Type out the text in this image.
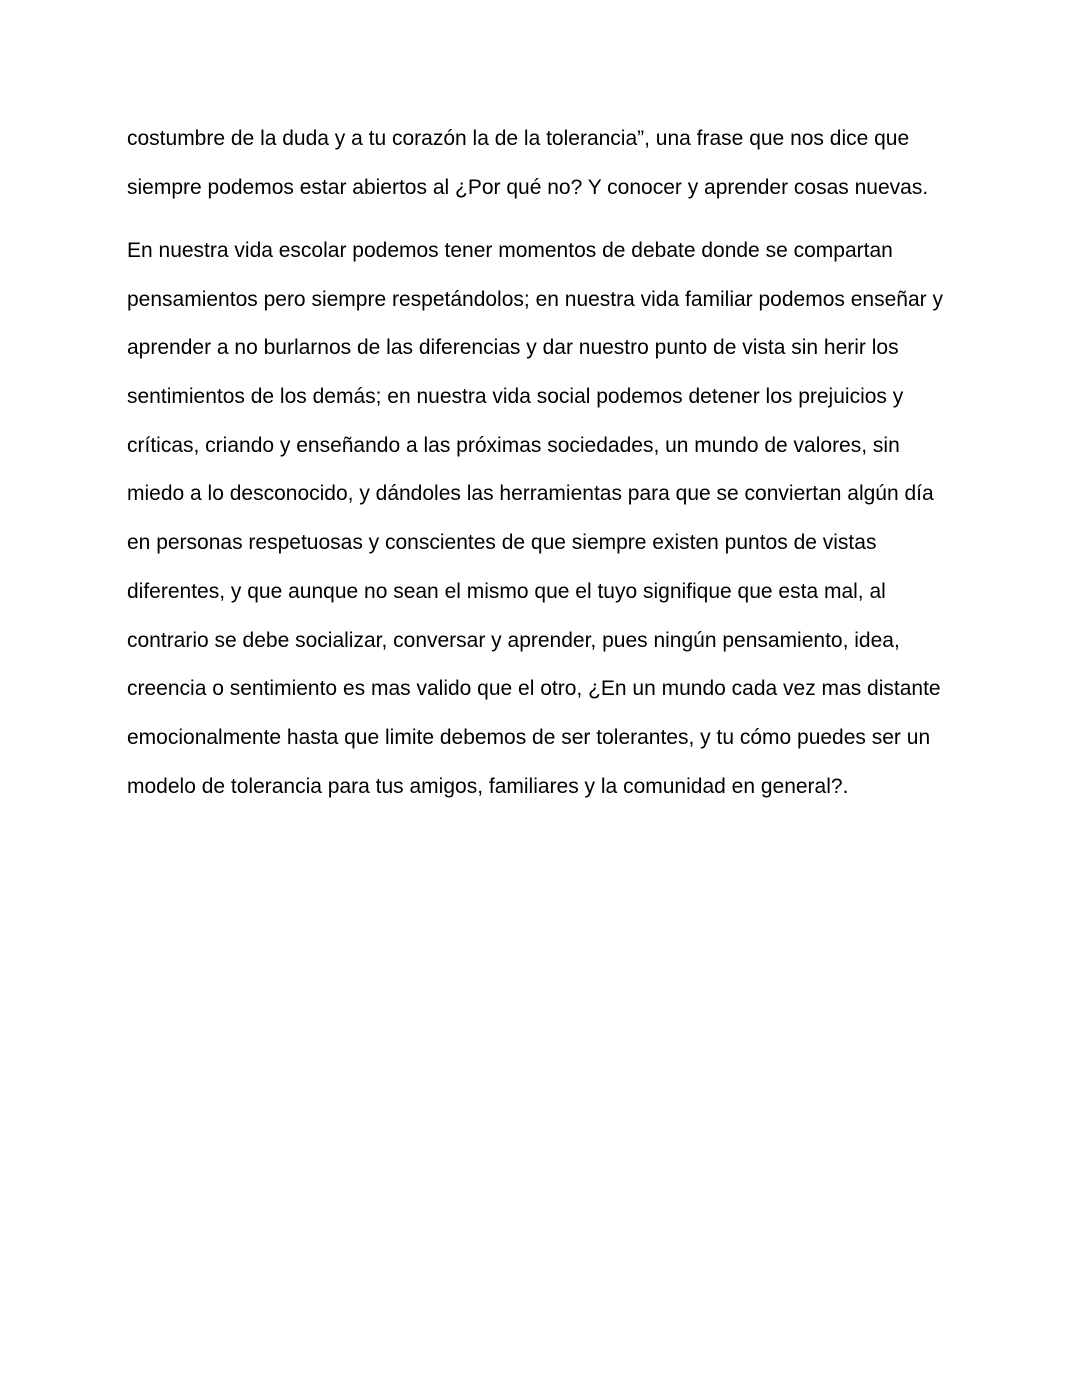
costumbre de la duda y a tu corazón la de la tolerancia”, una frase que nos dice que
siempre podemos estar abiertos al ¿Por qué no? Y conocer y aprender cosas nuevas.

En nuestra vida escolar podemos tener momentos de debate donde se compartan
pensamientos pero siempre respetándolos; en nuestra vida familiar podemos enseñar y
aprender a no burlarnos de las diferencias y dar nuestro punto de vista sin herir los
sentimientos de los demás; en nuestra vida social podemos detener los prejuicios y
críticas, criando y enseñando a las próximas sociedades, un mundo de valores, sin
miedo a lo desconocido, y dándoles las herramientas para que se conviertan algún día
en personas respetuosas y conscientes de que siempre existen puntos de vistas
diferentes, y que aunque no sean el mismo que el tuyo signifique que esta mal, al
contrario se debe socializar, conversar y aprender, pues ningún pensamiento, idea,
creencia o sentimiento es mas valido que el otro, ¿En un mundo cada vez mas distante
emocionalmente hasta que limite debemos de ser tolerantes, y tu cómo puedes ser un
modelo de tolerancia para tus amigos, familiares y la comunidad en general?.
